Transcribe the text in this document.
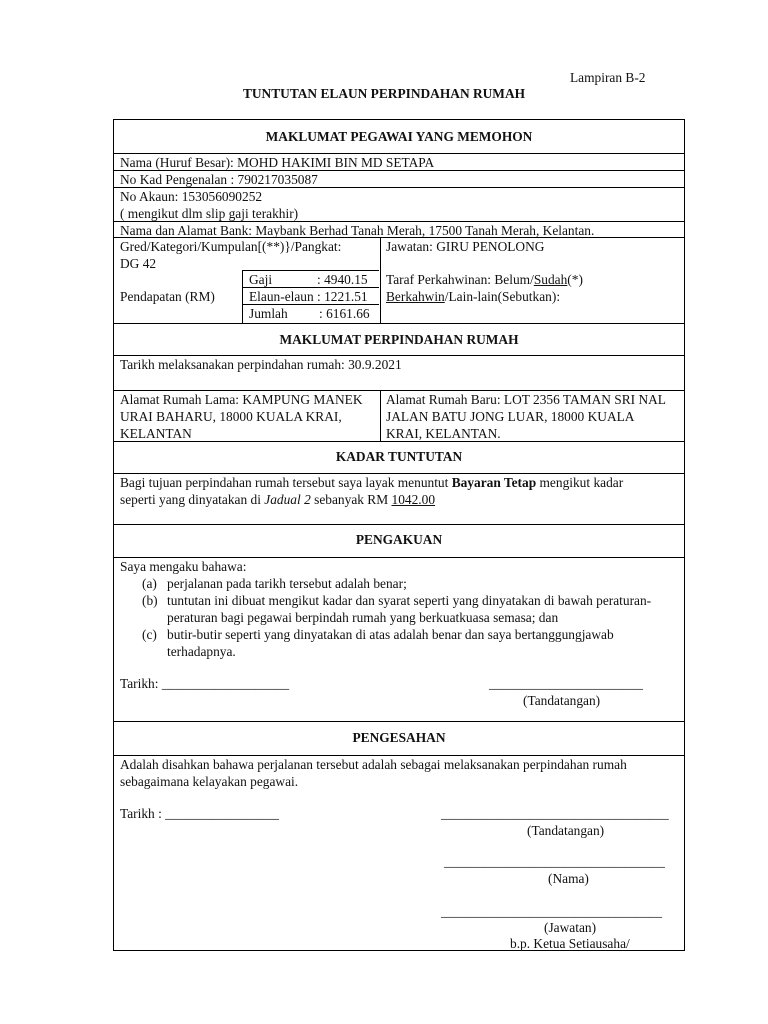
Lampiran B-2
TUNTUTAN ELAUN PERPINDAHAN RUMAH
MAKLUMAT PEGAWAI YANG MEMOHON
Nama (Huruf Besar): MOHD HAKIMI BIN MD SETAPA
No Kad Pengenalan : 790217035087
No Akaun: 153056090252
( mengikut dlm slip gaji terakhir)
Nama dan Alamat Bank: Maybank Berhad Tanah Merah, 17500 Tanah Merah, Kelantan.
Gred/Kategori/Kumpulan[(**)}/Pangkat:
DG 42
Jawatan: GIRU PENOLONG
Pendapatan (RM)
Gaji	: 4940.15
Elaun-elaun : 1221.51
Jumlah : 6161.66
Taraf Perkahwinan: Belum/Sudah(*)
Berkahwin/Lain-lain(Sebutkan):
MAKLUMAT PERPINDAHAN RUMAH
Tarikh melaksanakan perpindahan rumah: 30.9.2021
Alamat Rumah Lama: KAMPUNG MANEK
URAI BAHARU, 18000 KUALA KRAI,
KELANTAN
Alamat Rumah Baru: LOT 2356 TAMAN SRI NAL
JALAN BATU JONG LUAR, 18000 KUALA
KRAI, KELANTAN.
KADAR TUNTUTAN
Bagi tujuan perpindahan rumah tersebut saya layak menuntut Bayaran Tetap mengikut kadar
seperti yang dinyatakan di Jadual 2 sebanyak RM 1042.00
PENGAKUAN
Saya mengaku bahawa:
(a) perjalanan pada tarikh tersebut adalah benar;
(b) tuntutan ini dibuat mengikut kadar dan syarat seperti yang dinyatakan di bawah peraturan-
peraturan bagi pegawai berpindah rumah yang berkuatkuasa semasa; dan
(c) butir-butir seperti yang dinyatakan di atas adalah benar dan saya bertanggungjawab
terhadapnya.
Tarikh: ___________________	_______________________
(Tandatangan)
PENGESAHAN
Adalah disahkan bahawa perjalanan tersebut adalah sebagai melaksanakan perpindahan rumah
sebagaimana kelayakan pegawai.
Tarikh : _________________	__________________________________
(Tandatangan)
_________________________________
(Nama)
_________________________________
(Jawatan)
b.p. Ketua Setiausaha/
